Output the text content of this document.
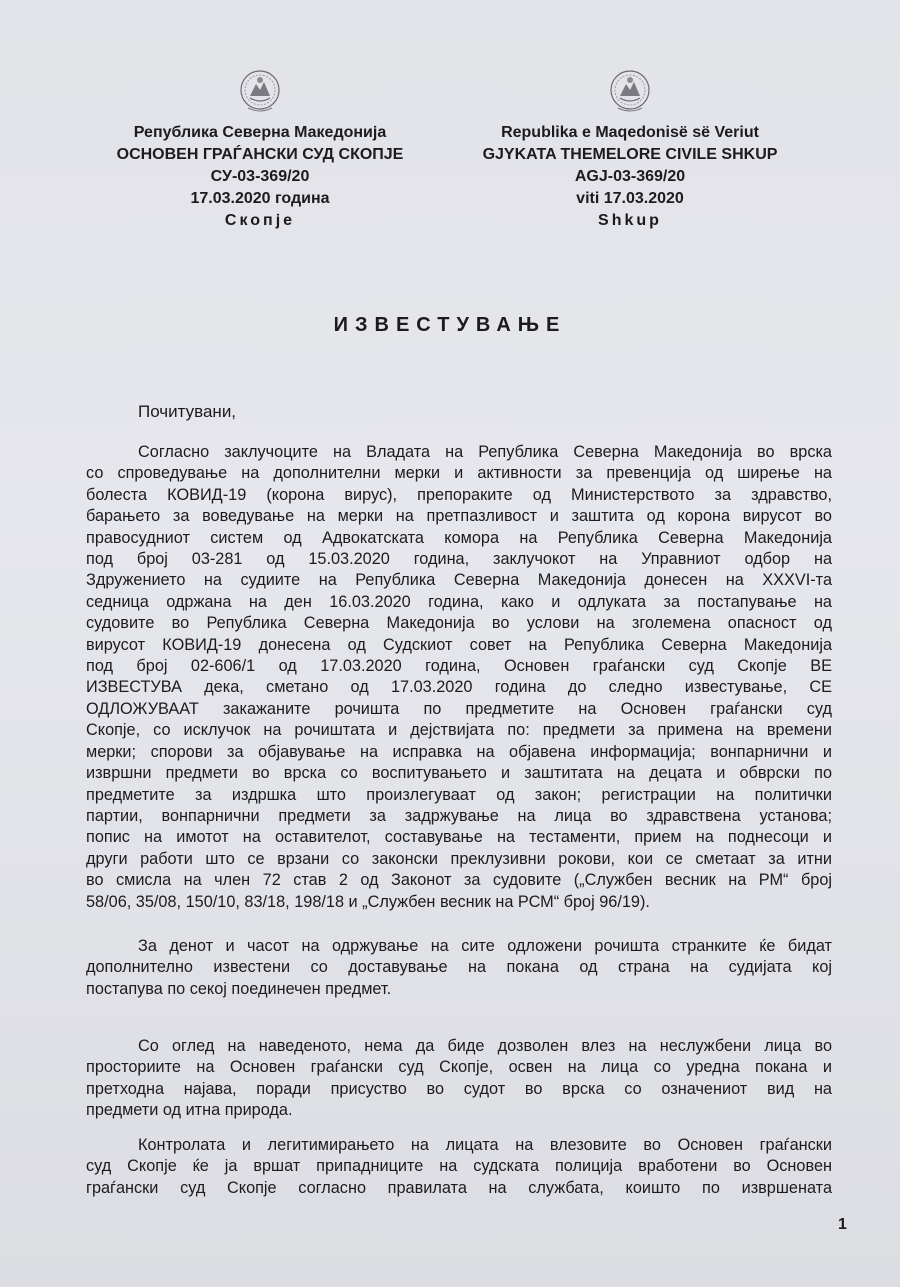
Република Северна Македонија
ОСНОВЕН ГРАЃАНСКИ СУД СКОПЈЕ
СУ-03-369/20
17.03.2020 година
Скопје
Republika e Maqedonisë së Veriut
GJYKATA THEMELORE CIVILE SHKUP
AGJ-03-369/20
viti 17.03.2020
Shkup
ИЗВЕСТУВАЊЕ
Почитувани,
Согласно заклучоците на Владата на Република Северна Македонија во врска
со спроведување на дополнителни мерки и активности за превенција од ширење на
болеста КОВИД-19 (корона вирус), препораките од Министерството за здравство,
барањето за воведување на мерки на претпазливост и заштита од корона вирусот во
правосудниот систем од Адвокатската комора на Република Северна Македонија
под број 03-281 од 15.03.2020 година, заклучокот на Управниот одбор на
Здружението на судиите на Република Северна Македонија донесен на XXXVI-та
седница одржана на ден 16.03.2020 година, како и одлуката за постапување на
судовите во Република Северна Македонија во услови на зголемена опасност од
вирусот КОВИД-19 донесена од Судскиот совет на Република Северна Македонија
под број 02-606/1 од 17.03.2020 година, Основен граѓански суд Скопје ВЕ
ИЗВЕСТУВА дека, сметано од 17.03.2020 година до следно известување, СЕ
ОДЛОЖУВААТ закажаните рочишта по предметите на Основен граѓански суд
Скопје, со исклучок на рочиштата и дејствијата по: предмети за примена на времени
мерки; спорови за објавување на исправка на објавена информација; вонпарнични и
извршни предмети во врска со воспитувањето и заштитата на децата и обврски по
предметите за издршка што произлегуваат од закон; регистрации на политички
партии, вонпарнични предмети за задржување на лица во здравствена установа;
попис на имотот на оставителот, составување на тестаменти, прием на поднесоци и
други работи што се врзани со законски преклузивни рокови, кои се сметаат за итни
во смисла на член 72 став 2 од Законот за судовите („Службен весник на РМ“ број
58/06, 35/08, 150/10, 83/18, 198/18 и „Службен весник на РСМ“ број 96/19).
За денот и часот на одржување на сите одложени рочишта странките ќе бидат
дополнително известени со доставување на покана од страна на судијата кој
постапува по секој поединечен предмет.
Со оглед на наведеното, нема да биде дозволен влез на неслужбени лица во
просториите на Основен граѓански суд Скопје, освен на лица со уредна покана и
претходна најава, поради присуство во судот во врска со означениот вид на
предмети од итна природа.
Контролата и легитимирањето на лицата на влезовите во Основен граѓански
суд Скопје ќе ја вршат припадниците на судската полиција вработени во Основен
граѓански суд Скопје согласно правилата на службата, коишто по извршената
1
